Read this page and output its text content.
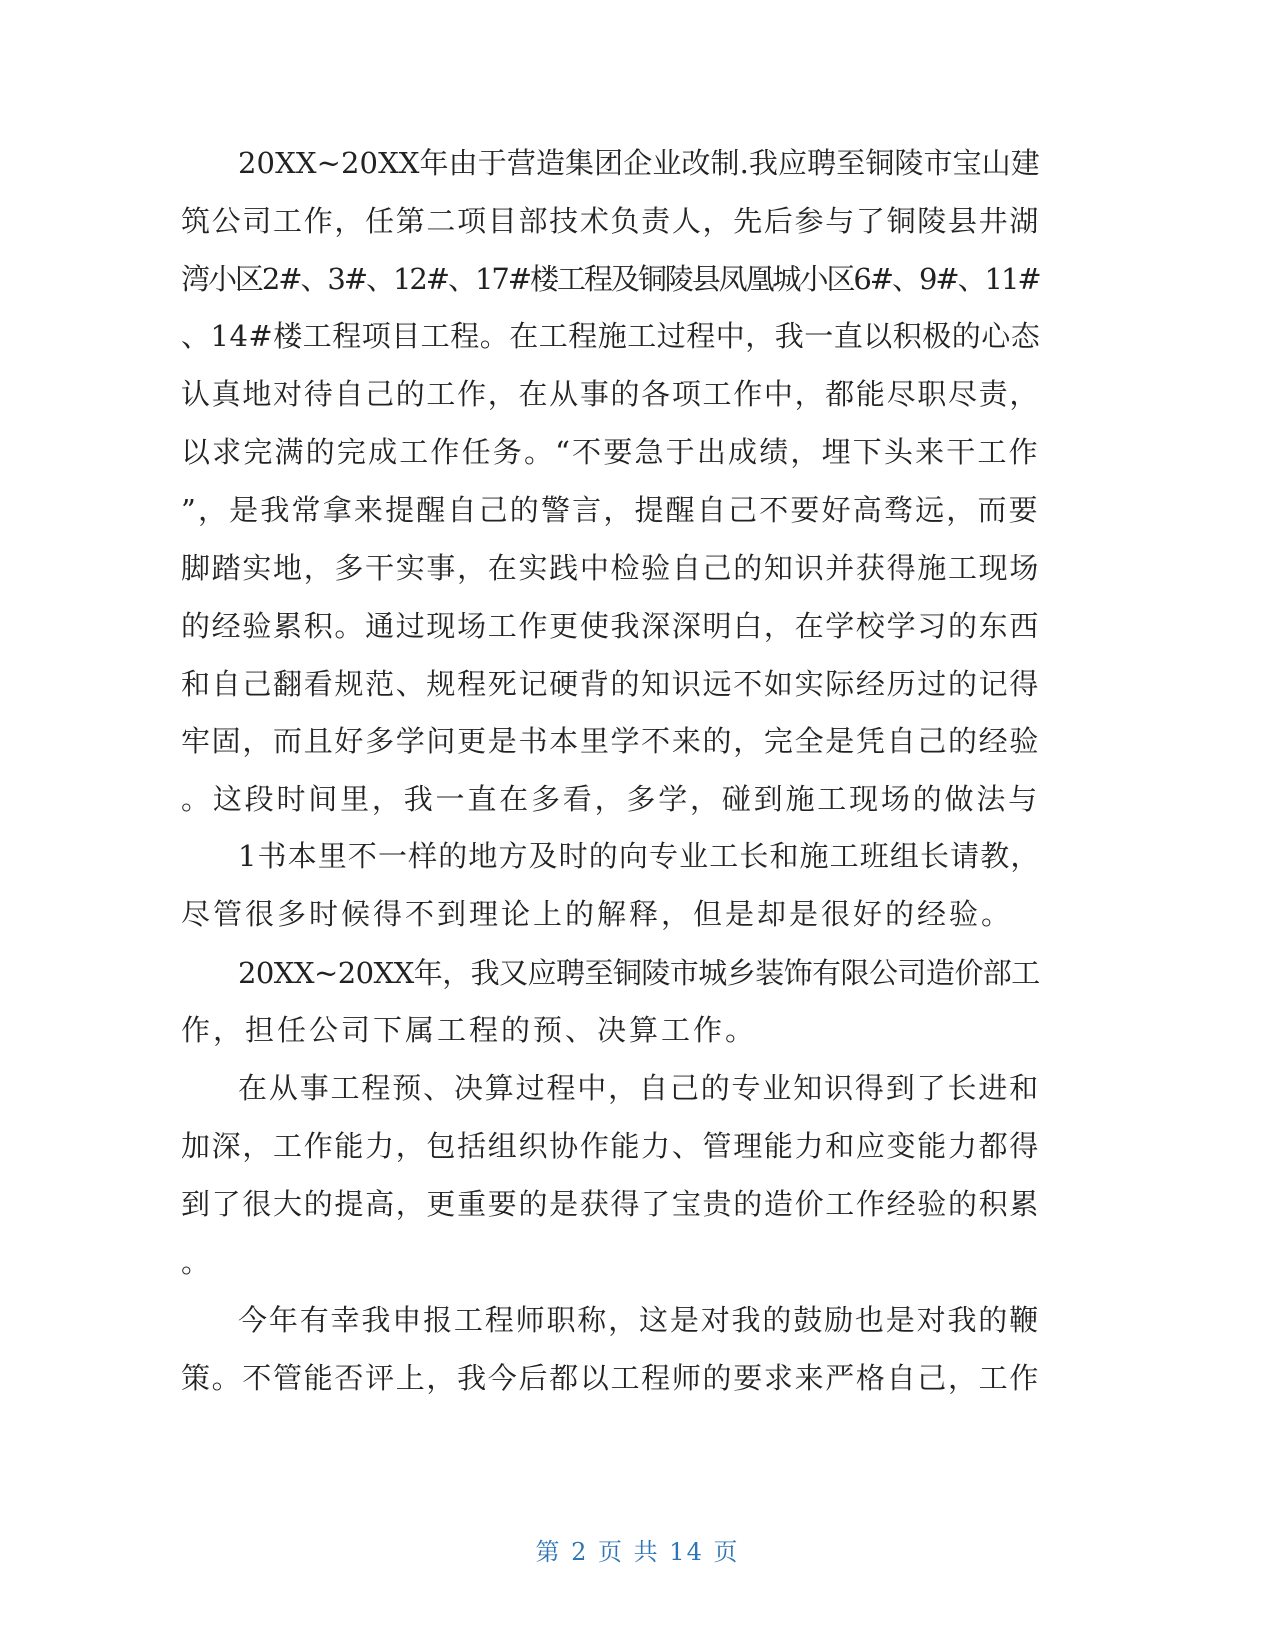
20XX~20XX年由于营造集团企业改制.我应聘至铜陵市宝山建
筑公司工作，任第二项目部技术负责人，先后参与了铜陵县井湖
湾小区2#、3#、12#、17#楼工程及铜陵县凤凰城小区6#、9#、11#
、14#楼工程项目工程。在工程施工过程中，我一直以积极的心态
认真地对待自己的工作，在从事的各项工作中，都能尽职尽责，
以求完满的完成工作任务。“不要急于出成绩，埋下头来干工作
”，是我常拿来提醒自己的警言，提醒自己不要好高骛远，而要
脚踏实地，多干实事，在实践中检验自己的知识并获得施工现场
的经验累积。通过现场工作更使我深深明白，在学校学习的东西
和自己翻看规范、规程死记硬背的知识远不如实际经历过的记得
牢固，而且好多学问更是书本里学不来的，完全是凭自己的经验
。这段时间里，我一直在多看，多学，碰到施工现场的做法与
1书本里不一样的地方及时的向专业工长和施工班组长请教，
尽管很多时候得不到理论上的解释，但是却是很好的经验。
20XX~20XX年，我又应聘至铜陵市城乡装饰有限公司造价部工
作，担任公司下属工程的预、决算工作。
在从事工程预、决算过程中，自己的专业知识得到了长进和
加深，工作能力，包括组织协作能力、管理能力和应变能力都得
到了很大的提高，更重要的是获得了宝贵的造价工作经验的积累
。
今年有幸我申报工程师职称，这是对我的鼓励也是对我的鞭
策。不管能否评上，我今后都以工程师的要求来严格自己，工作
第 2 页 共 14 页
